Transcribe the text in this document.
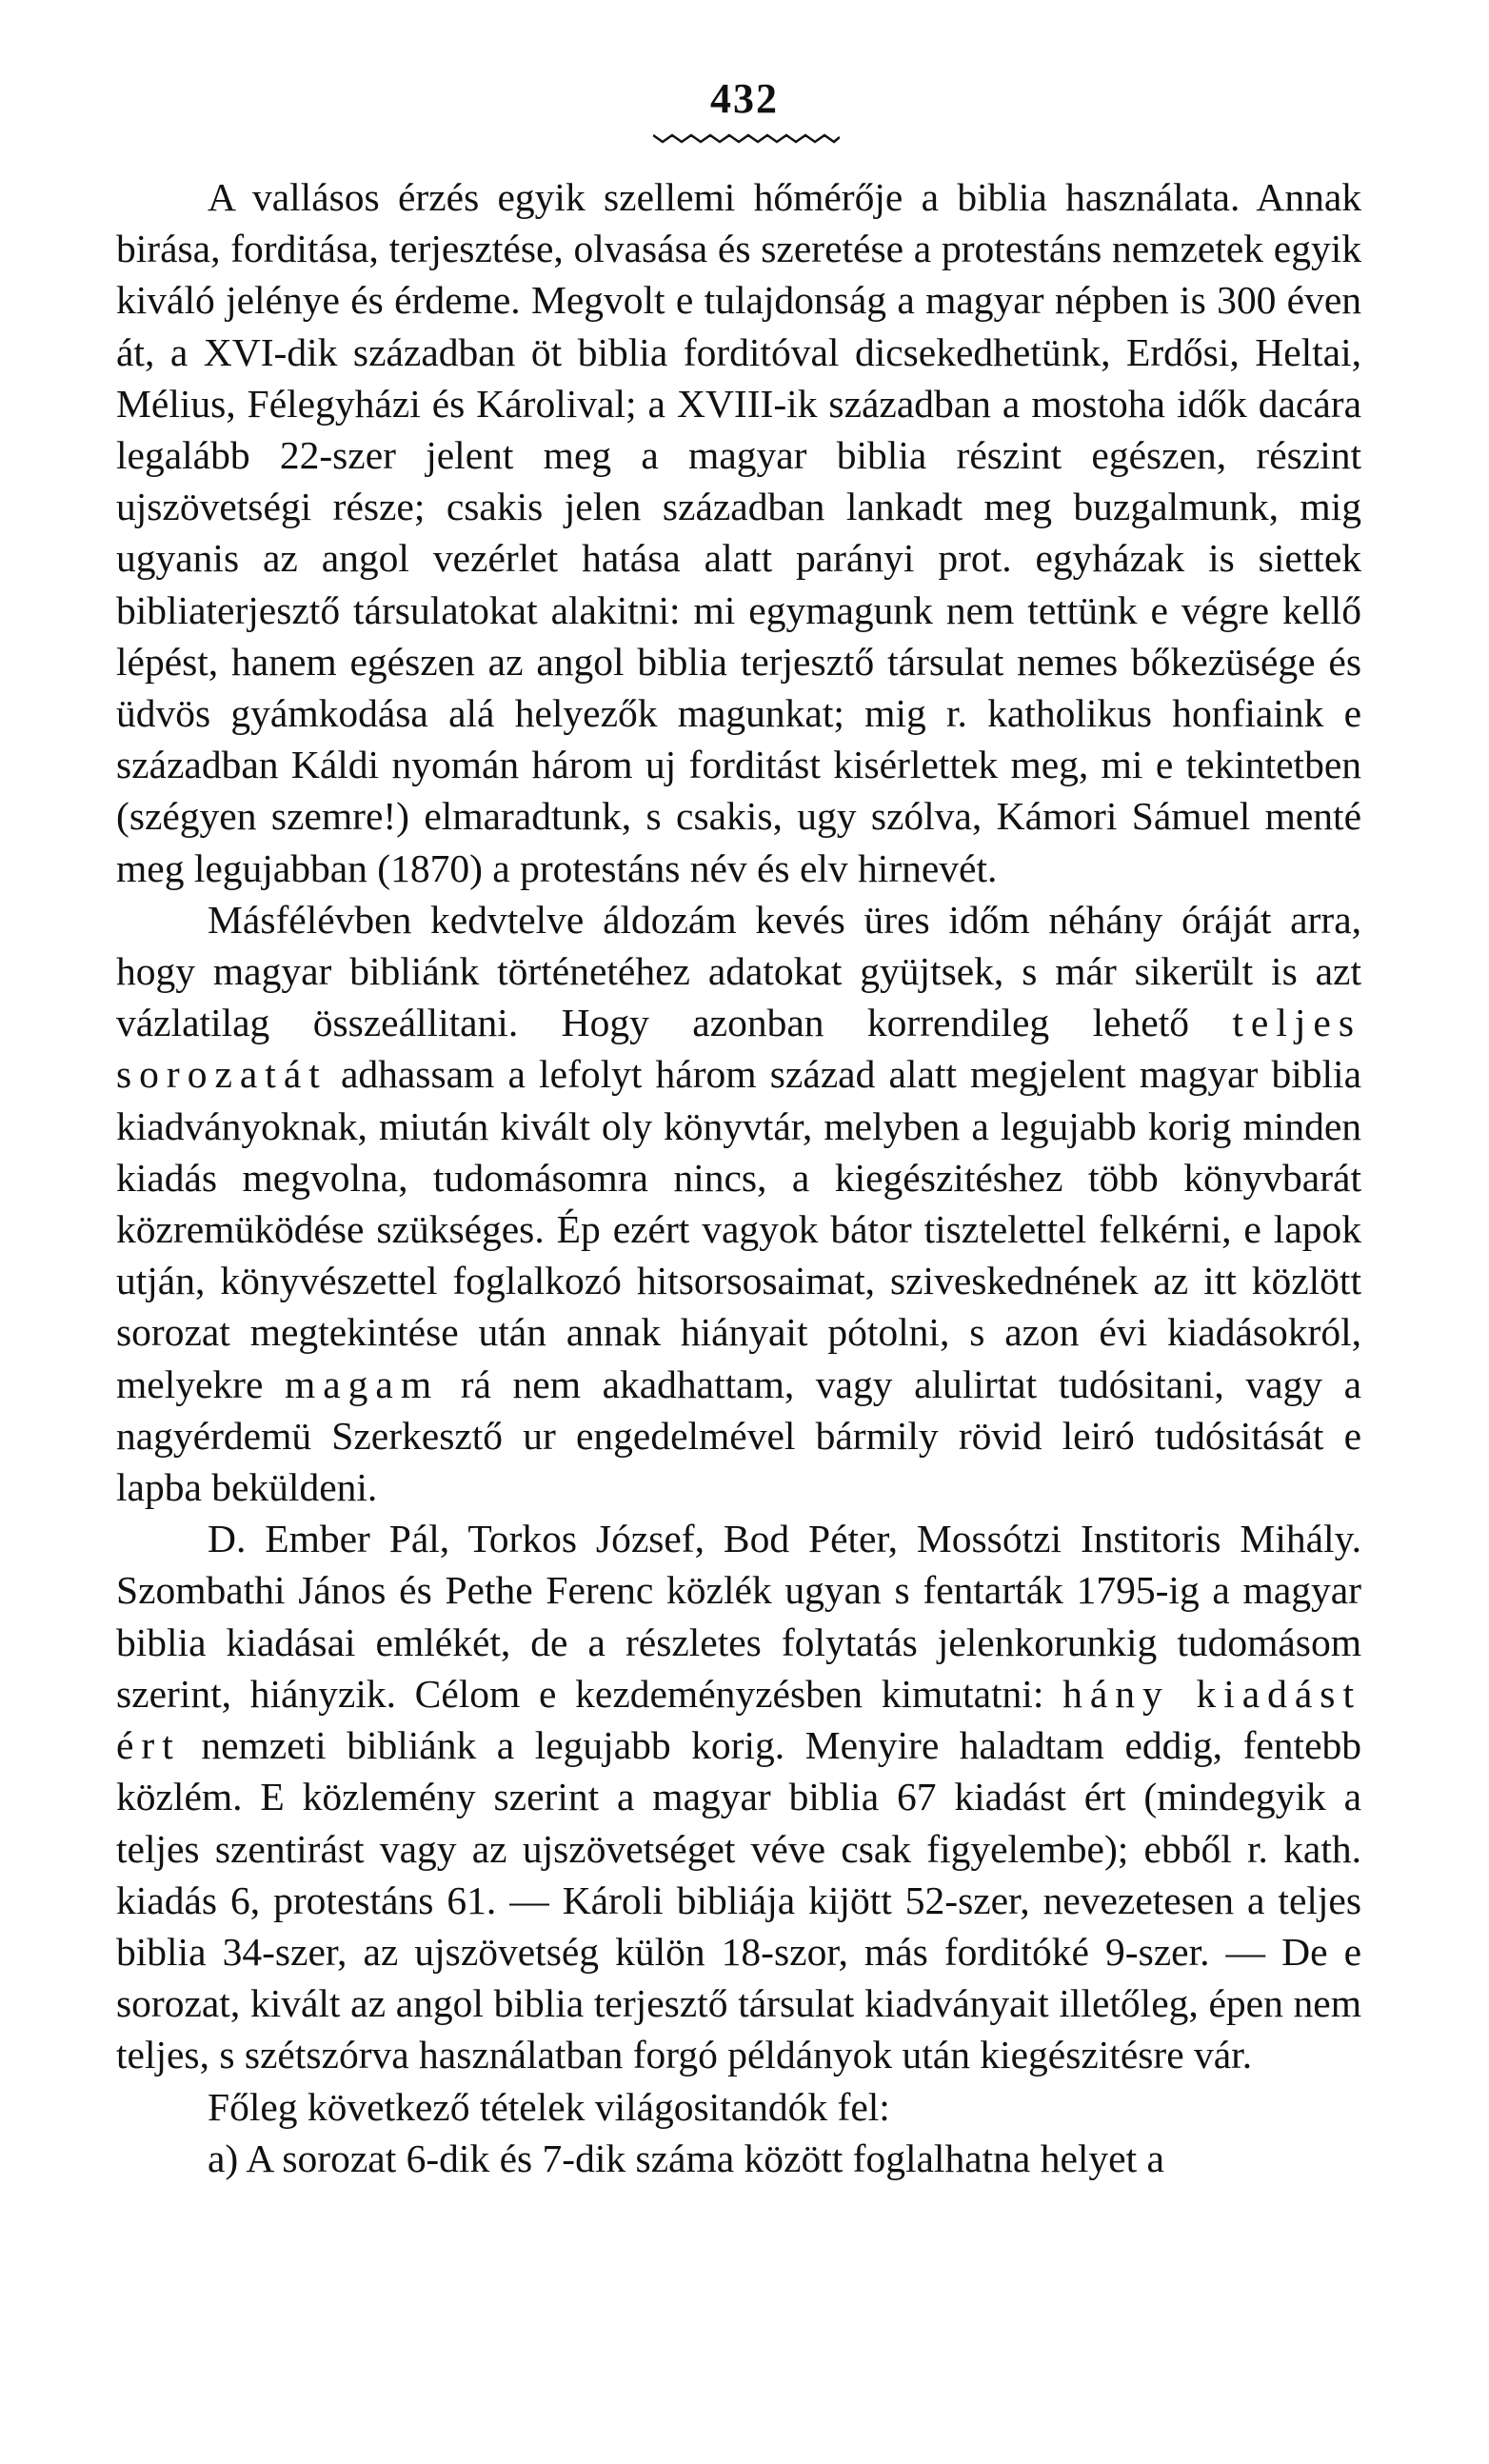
432

A vallásos érzés egyik szellemi hőmérője a biblia használata. Annak birása, forditása, terjesztése, olvasása és szeretése a protestáns nemzetek egyik kiváló jelénye és érdeme. Megvolt e tulajdonság a magyar népben is 300 éven át, a XVI-dik században öt biblia forditóval dicsekedhetünk, Erdősi, Heltai, Mélius, Félegyházi és Károlival; a XVIII-ik században a mostoha idők dacára legalább 22-szer jelent meg a magyar biblia részint egészen, részint ujszövetségi része; csakis jelen században lankadt meg buzgalmunk, mig ugyanis az angol vezérlet hatása alatt parányi prot. egyházak is siettek bibliaterjesztő társulatokat alakitni: mi egymagunk nem tettünk e végre kellő lépést, hanem egészen az angol biblia terjesztő társulat nemes bőkezüsége és üdvös gyámkodása alá helyezők magunkat; mig r. katholikus honfiaink e században Káldi nyomán három uj forditást kisérlettek meg, mi e tekintetben (szégyen szemre!) elmaradtunk, s csakis, ugy szólva, Kámori Sámuel menté meg legujabban (1870) a protestáns név és elv hirnevét.

Másfélévben kedvtelve áldozám kevés üres időm néhány óráját arra, hogy magyar bibliánk történetéhez adatokat gyüjtsek, s már sikerült is azt vázlatilag összeállitani. Hogy azonban korrendileg lehető teljes sorozatát adhassam a lefolyt három század alatt megjelent magyar biblia kiadványoknak, miután kivált oly könyvtár, melyben a legujabb korig minden kiadás megvolna, tudomásomra nincs, a kiegészitéshez több könyvbarát közremüködése szükséges. Ép ezért vagyok bátor tisztelettel felkérni, e lapok utján, könyvészettel foglalkozó hitsorsosaimat, sziveskednének az itt közlött sorozat megtekintése után annak hiányait pótolni, s azon évi kiadásokról, melyekre magam rá nem akadhattam, vagy alulirtat tudósitani, vagy a nagyérdemü Szerkesztő ur engedelmével bármily rövid leiró tudósitását e lapba beküldeni.

D. Ember Pál, Torkos József, Bod Péter, Mossótzi Institoris Mihály. Szombathi János és Pethe Ferenc közlék ugyan s fentarták 1795-ig a magyar biblia kiadásai emlékét, de a részletes folytatás jelenkorunkig tudomásom szerint, hiányzik. Célom e kezdeményzésben kimutatni: hány kiadást ért nemzeti bibliánk a legujabb korig. Menyire haladtam eddig, fentebb közlém. E közlemény szerint a magyar biblia 67 kiadást ért (mindegyik a teljes szentirást vagy az ujszövetséget véve csak figyelembe); ebből r. kath. kiadás 6, protestáns 61. — Károli bibliája kijött 52-szer, nevezetesen a teljes biblia 34-szer, az ujszövetség külön 18-szor, más forditóké 9-szer. — De e sorozat, kivált az angol biblia terjesztő társulat kiadványait illetőleg, épen nem teljes, s szétszórva használatban forgó példányok után kiegészitésre vár.

Főleg következő tételek világositandók fel:

a) A sorozat 6-dik és 7-dik száma között foglalhatna helyet a
